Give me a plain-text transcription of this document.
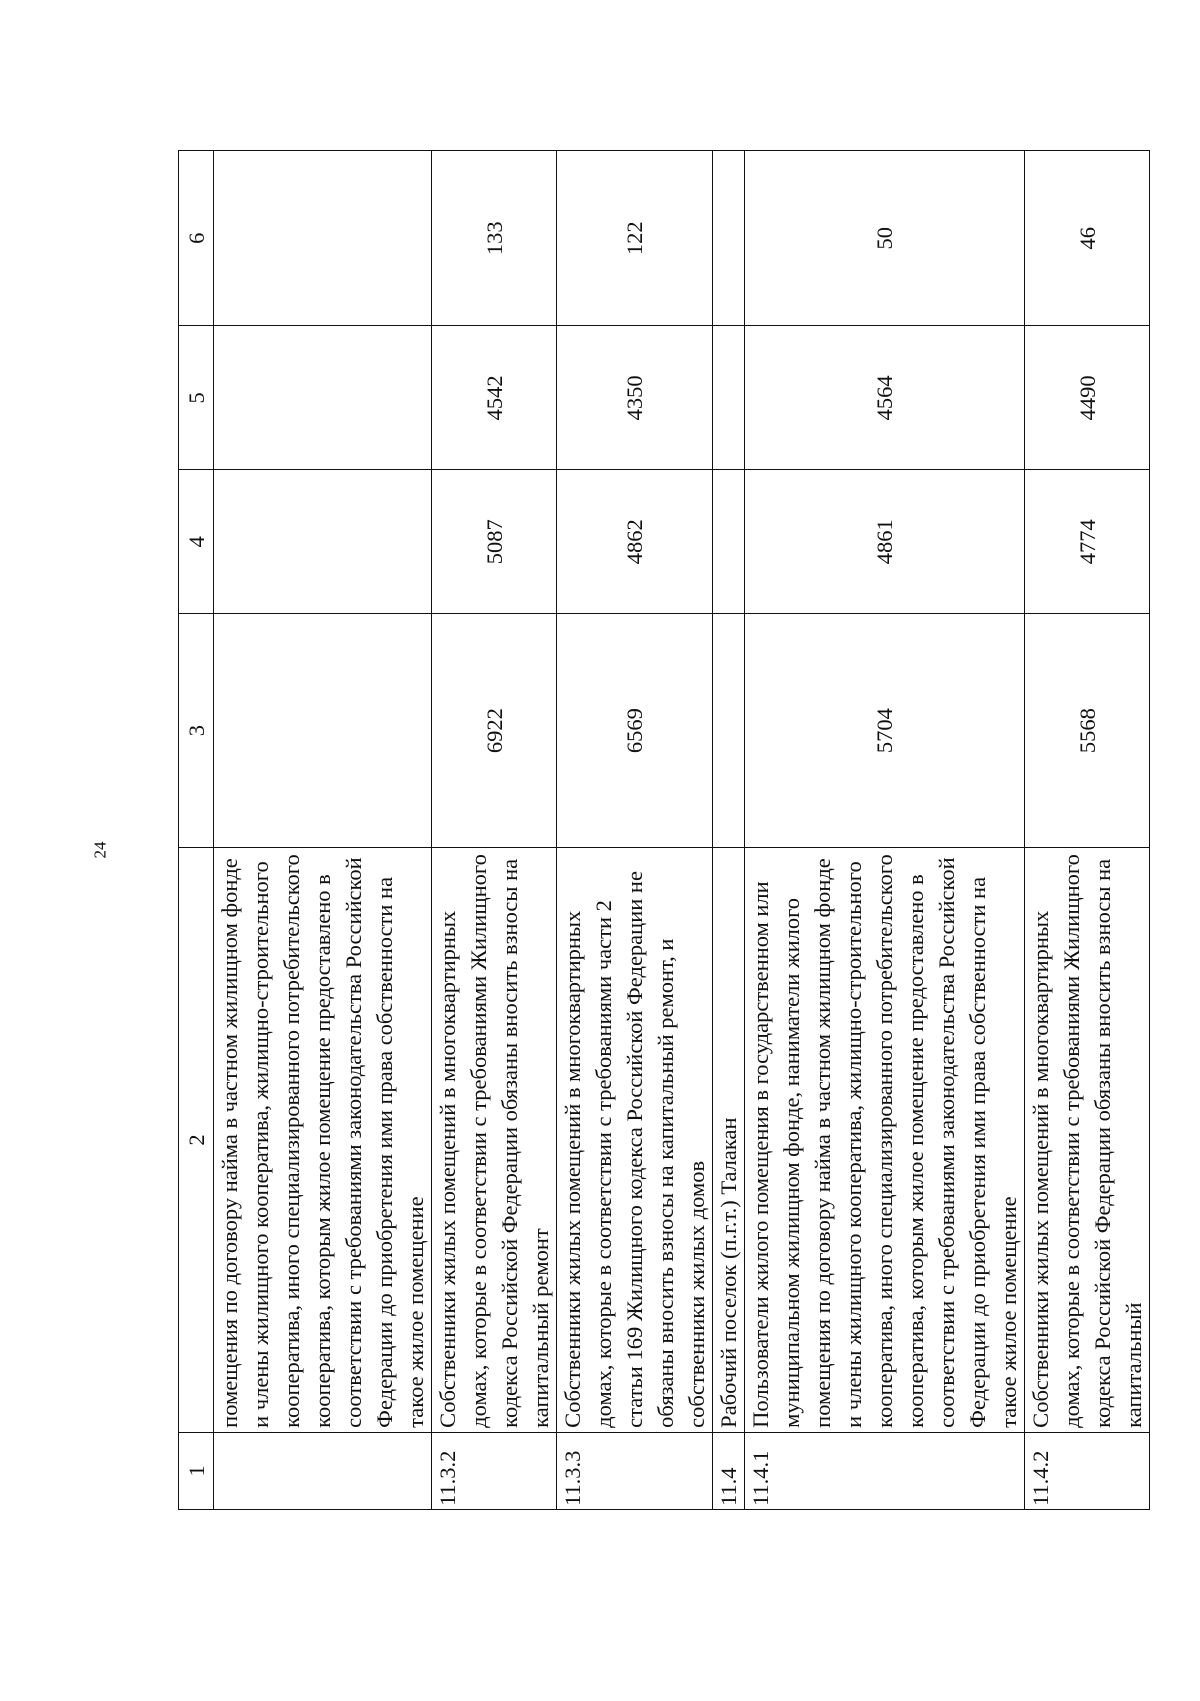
24
1	2	3	4	5	6
	помещения по договору найма в частном жилищном фонде и члены жилищного кооператива, жилищно-строительного кооператива, иного специализированного потребительского кооператива, которым жилое помещение предоставлено в соответствии с требованиями законодательства Российской Федерации до приобретения ими права собственности на такое жилое помещение				
11.3.2	Собственники жилых помещений в многоквартирных домах, которые в соответствии с требованиями Жилищного кодекса Российской Федерации обязаны вносить взносы на капитальный ремонт	6922	5087	4542	133
11.3.3	Собственники жилых помещений в многоквартирных домах, которые в соответствии с требованиями части 2 статьи 169 Жилищного кодекса Российской Федерации не обязаны вносить взносы на капитальный ремонт, и собственники жилых домов	6569	4862	4350	122
11.4	Рабочий поселок (п.г.т.) Талакан				
11.4.1	Пользователи жилого помещения в государственном или муниципальном жилищном фонде, наниматели жилого помещения по договору найма в частном жилищном фонде и члены жилищного кооператива, жилищно-строительного кооператива, иного специализированного потребительского кооператива, которым жилое помещение предоставлено в соответствии с требованиями законодательства Российской Федерации до приобретения ими права собственности на такое жилое помещение	5704	4861	4564	50
11.4.2	Собственники жилых помещений в многоквартирных домах, которые в соответствии с требованиями Жилищного кодекса Российской Федерации обязаны вносить взносы на капитальный	5568	4774	4490	46
